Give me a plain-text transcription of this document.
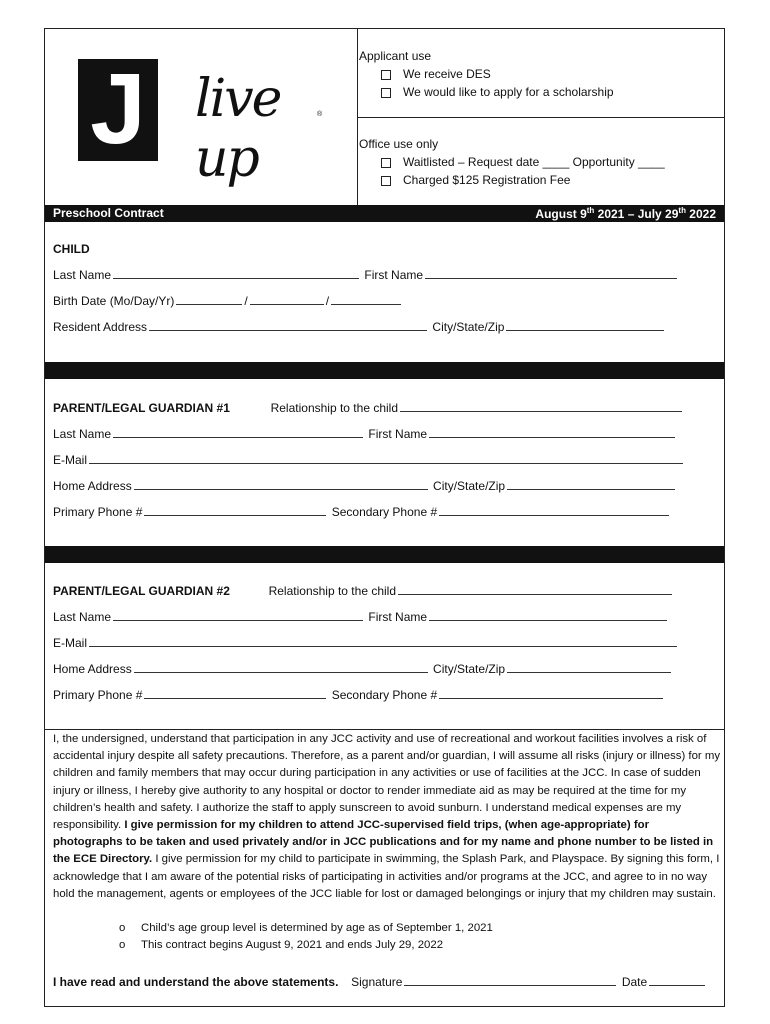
J live up
®
Applicant use
We receive DES
We would like to apply for a scholarship
Office use only
Waitlisted – Request date ____ Opportunity ____
Charged $125 Registration Fee
Preschool Contract	August 9th 2021 – July 29th 2022
CHILD
Last Name	First Name
Birth Date (Mo/Day/Yr)	/	/
Resident Address	City/State/Zip
PARENT/LEGAL GUARDIAN #1	Relationship to the child
Last Name	First Name
E-Mail
Home Address	City/State/Zip
Primary Phone #	Secondary Phone #
PARENT/LEGAL GUARDIAN #2	Relationship to the child
Last Name	First Name
E-Mail
Home Address	City/State/Zip
Primary Phone #	Secondary Phone #
I, the undersigned, understand that participation in any JCC activity and use of recreational and workout facilities involves a risk of accidental injury despite all safety precautions. Therefore, as a parent and/or guardian, I will assume all risks (injury or illness) for my children and family members that may occur during participation in any activities or use of facilities at the JCC. In case of sudden injury or illness, I hereby give authority to any hospital or doctor to render immediate aid as may be required at the time for my children’s health and safety. I authorize the staff to apply sunscreen to avoid sunburn. I understand medical expenses are my responsibility. I give permission for my children to attend JCC-supervised field trips, (when age-appropriate) for photographs to be taken and used privately and/or in JCC publications and for my name and phone number to be listed in the ECE Directory. I give permission for my child to participate in swimming, the Splash Park, and Playspace. By signing this form, I acknowledge that I am aware of the potential risks of participating in activities and/or programs at the JCC, and agree to in no way hold the management, agents or employees of the JCC liable for lost or damaged belongings or injury that my children may sustain.
o Child’s age group level is determined by age as of September 1, 2021
o This contract begins August 9, 2021 and ends July 29, 2022
I have read and understand the above statements. Signature	Date
